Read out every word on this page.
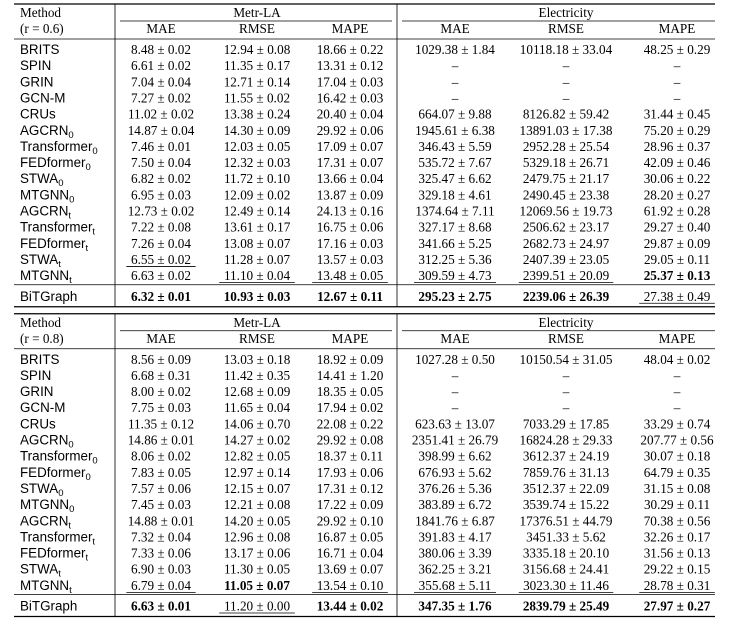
Method
(r = 0.6)
Metr-LA	Electricity
MAE	RMSE	MAPE	MAE	RMSE	MAPE
BRITS	8.48 ± 0.02 12.94 ± 0.08 18.66 ± 0.22 1029.38 ± 1.84 10118.18 ± 33.04 48.25 ± 0.29
SPIN	6.61 ± 0.02 11.35 ± 0.17 13.31 ± 0.12	–	–	–
GRIN	7.04 ± 0.04 12.71 ± 0.14 17.04 ± 0.03	–	–	–
GCN-M	7.27 ± 0.02 11.55 ± 0.02 16.42 ± 0.03	–	–	–
CRUs	11.02 ± 0.02 13.38 ± 0.24 20.40 ± 0.04	664.07 ± 9.88 8126.82 ± 59.42	31.44 ± 0.45
$AGCRN_0$	14.87 ± 0.04 14.30 ± 0.09 29.92 ± 0.06 1945.61 ± 6.38 13891.03 ± 17.38 75.20 ± 0.29
Transformer$_0$	7.46 ± 0.01 12.03 ± 0.05 17.09 ± 0.07	346.43 ± 5.59 2952.28 ± 25.54	28.96 ± 0.37
FEDformer$_0$	7.50 ± 0.04 12.32 ± 0.03 17.31 ± 0.07	535.72 ± 7.67 5329.18 ± 26.71	42.09 ± 0.46
$STWA_0$	6.82 ± 0.02 11.72 ± 0.10 13.66 ± 0.04	325.47 ± 6.62 2479.75 ± 21.17	30.06 ± 0.22
$MTGNN_0$	6.95 ± 0.03 12.09 ± 0.02 13.87 ± 0.09	329.18 ± 4.61 2490.45 ± 23.38	28.20 ± 0.27
$AGCRN_t$	12.73 ± 0.02 12.49 ± 0.14 24.13 ± 0.16 1374.64 ± 7.11 12069.56 ± 19.73 61.92 ± 0.28
Transformer$_t$	7.22 ± 0.08 13.61 ± 0.17 16.75 ± 0.06	327.17 ± 8.68 2506.62 ± 23.17	29.27 ± 0.40
FEDformer$_t$	7.26 ± 0.04 13.08 ± 0.07 17.16 ± 0.03	341.66 ± 5.25 2682.73 ± 24.97	29.87 ± 0.09
$STWA_t$	6.55 ± 0.02 11.28 ± 0.07 13.57 ± 0.03	312.25 ± 5.36 2407.39 ± 23.05	29.05 ± 0.11
$MTGNN_t$	6.63 ± 0.02 11.10 ± 0.04 13.48 ± 0.05	309.59 ± 4.73 2399.51 ± 20.09	25.37 ± 0.13
BiTGraph	6.32 ± 0.01 10.93 ± 0.03 12.67 ± 0.11	295.23 ± 2.75 2239.06 ± 26.39	27.38 ± 0.49
Method
(r = 0.8)
Metr-LA	Electricity
MAE	RMSE	MAPE	MAE	RMSE	MAPE
BRITS	8.56 ± 0.09 13.03 ± 0.18 18.92 ± 0.09 1027.28 ± 0.50 10150.54 ± 31.05 48.04 ± 0.02
SPIN	6.68 ± 0.31 11.42 ± 0.35 14.41 ± 1.20	–	–	–
GRIN	8.00 ± 0.02 12.68 ± 0.09 18.35 ± 0.05	–	–	–
GCN-M	7.75 ± 0.03 11.65 ± 0.04 17.94 ± 0.02	–	–	–
CRUs	11.35 ± 0.12 14.06 ± 0.70 22.08 ± 0.22 623.63 ± 13.07 7033.29 ± 17.85	33.29 ± 0.74
$AGCRN_0$	14.86 ± 0.01 14.27 ± 0.02 29.92 ± 0.08 2351.41 ± 26.79 16824.28 ± 29.33 207.77 ± 0.56
Transformer$_0$	8.06 ± 0.02 12.82 ± 0.05 18.37 ± 0.11	398.99 ± 6.62 3612.37 ± 24.19	30.07 ± 0.18
FEDformer$_0$	7.83 ± 0.05 12.97 ± 0.14 17.93 ± 0.06	676.93 ± 5.62 7859.76 ± 31.13	64.79 ± 0.35
$STWA_0$	7.57 ± 0.06 12.15 ± 0.07 17.31 ± 0.12	376.26 ± 5.36 3512.37 ± 22.09	31.15 ± 0.08
$MTGNN_0$	7.45 ± 0.03 12.21 ± 0.08 17.22 ± 0.09	383.89 ± 6.72 3539.74 ± 15.22	30.29 ± 0.11
$AGCRN_t$	14.88 ± 0.01 14.20 ± 0.05 29.92 ± 0.10 1841.76 ± 6.87 17376.51 ± 44.79 70.38 ± 0.56
Transformer$_t$	7.32 ± 0.04 12.96 ± 0.08 16.87 ± 0.05	391.83 ± 4.17	3451.33 ± 5.62	32.26 ± 0.17
FEDformer$_t$	7.33 ± 0.06 13.17 ± 0.06 16.71 ± 0.04	380.06 ± 3.39 3335.18 ± 20.10	31.56 ± 0.13
$STWA_t$	6.90 ± 0.03 11.30 ± 0.05 13.69 ± 0.07	362.25 ± 3.21 3156.68 ± 24.41	29.22 ± 0.15
$MTGNN_t$	6.79 ± 0.04	11.05 ± 0.07 13.54 ± 0.10	355.68 ± 5.11 3023.30 ± 11.46	28.78 ± 0.31
BiTGraph	6.63 ± 0.01 11.20 ± 0.00 13.44 ± 0.02	347.35 ± 1.76 2839.79 ± 25.49	27.97 ± 0.27
